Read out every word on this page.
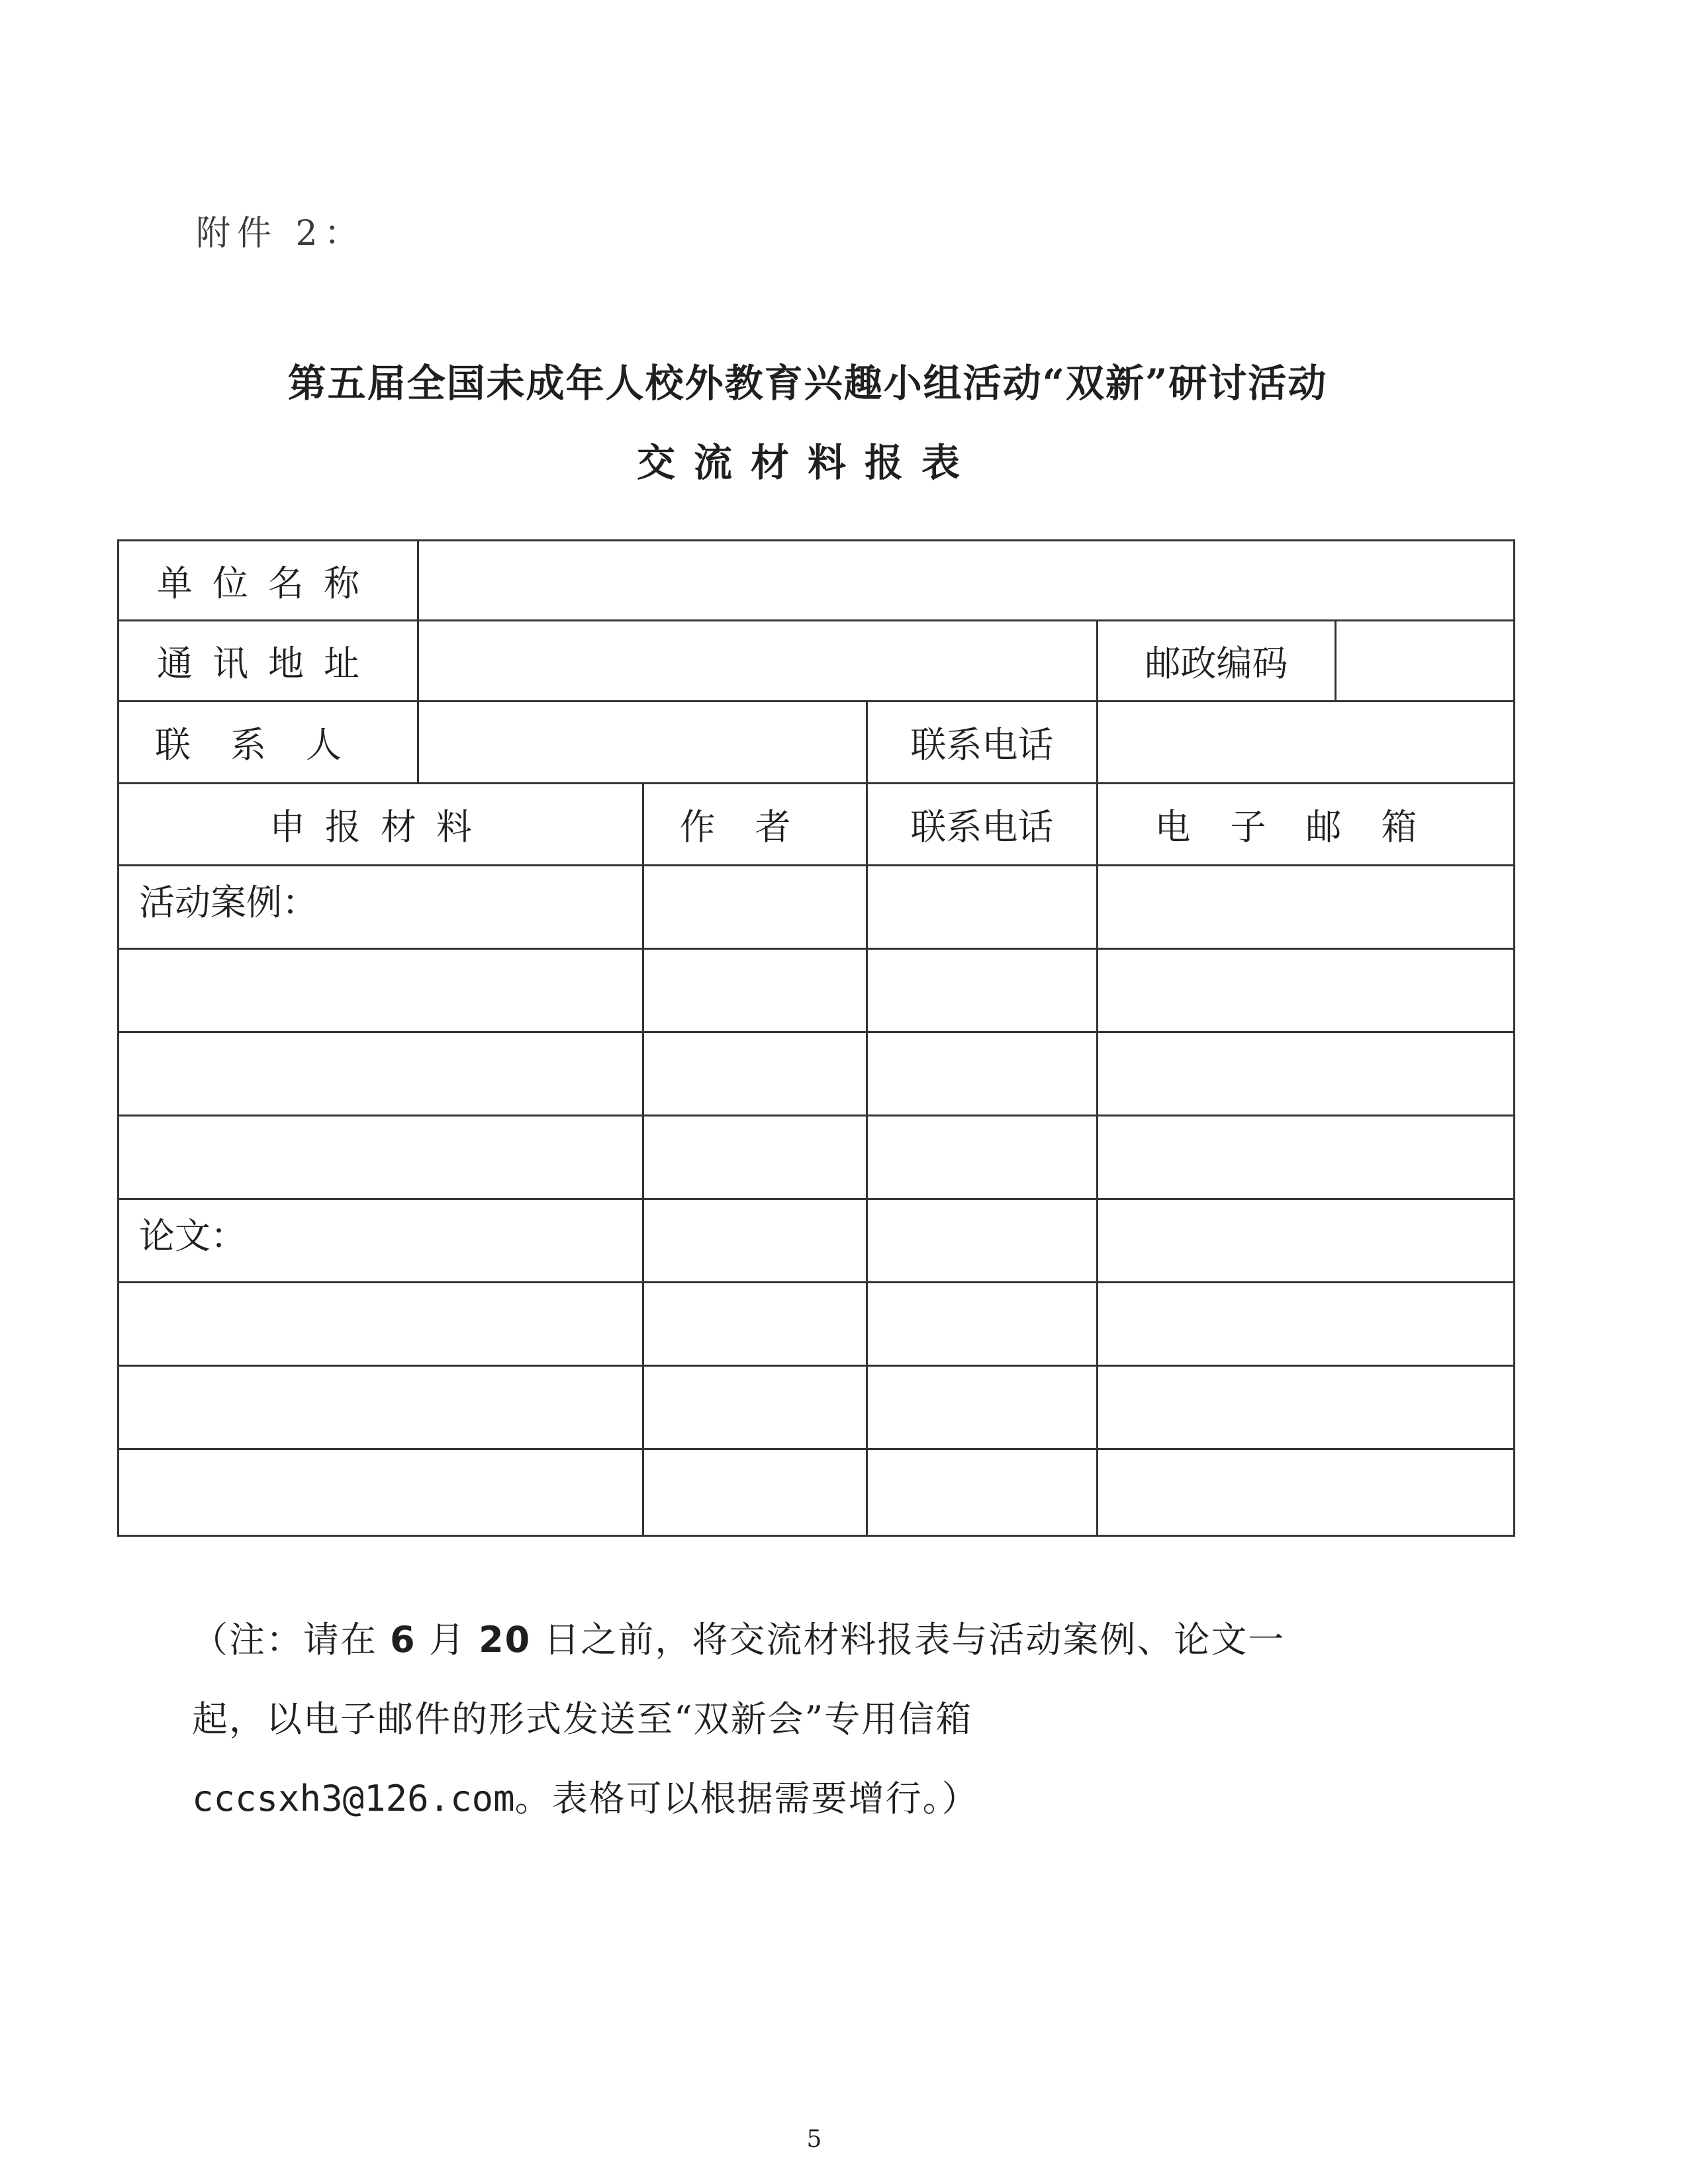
附件 2：
第五届全国未成年人校外教育兴趣小组活动“双新”研讨活动
交流材料报表
单位名称
通讯地址	邮政编码
联系人	联系电话
申报材料	作者	联系电话	电子邮箱
活动案例：
论文：
（注：请在 6 月 20 日之前，将交流材料报表与活动案例、论文一
起，以电子邮件的形式发送至“双新会”专用信箱
cccsxh3@126.com。表格可以根据需要增行。）
5
